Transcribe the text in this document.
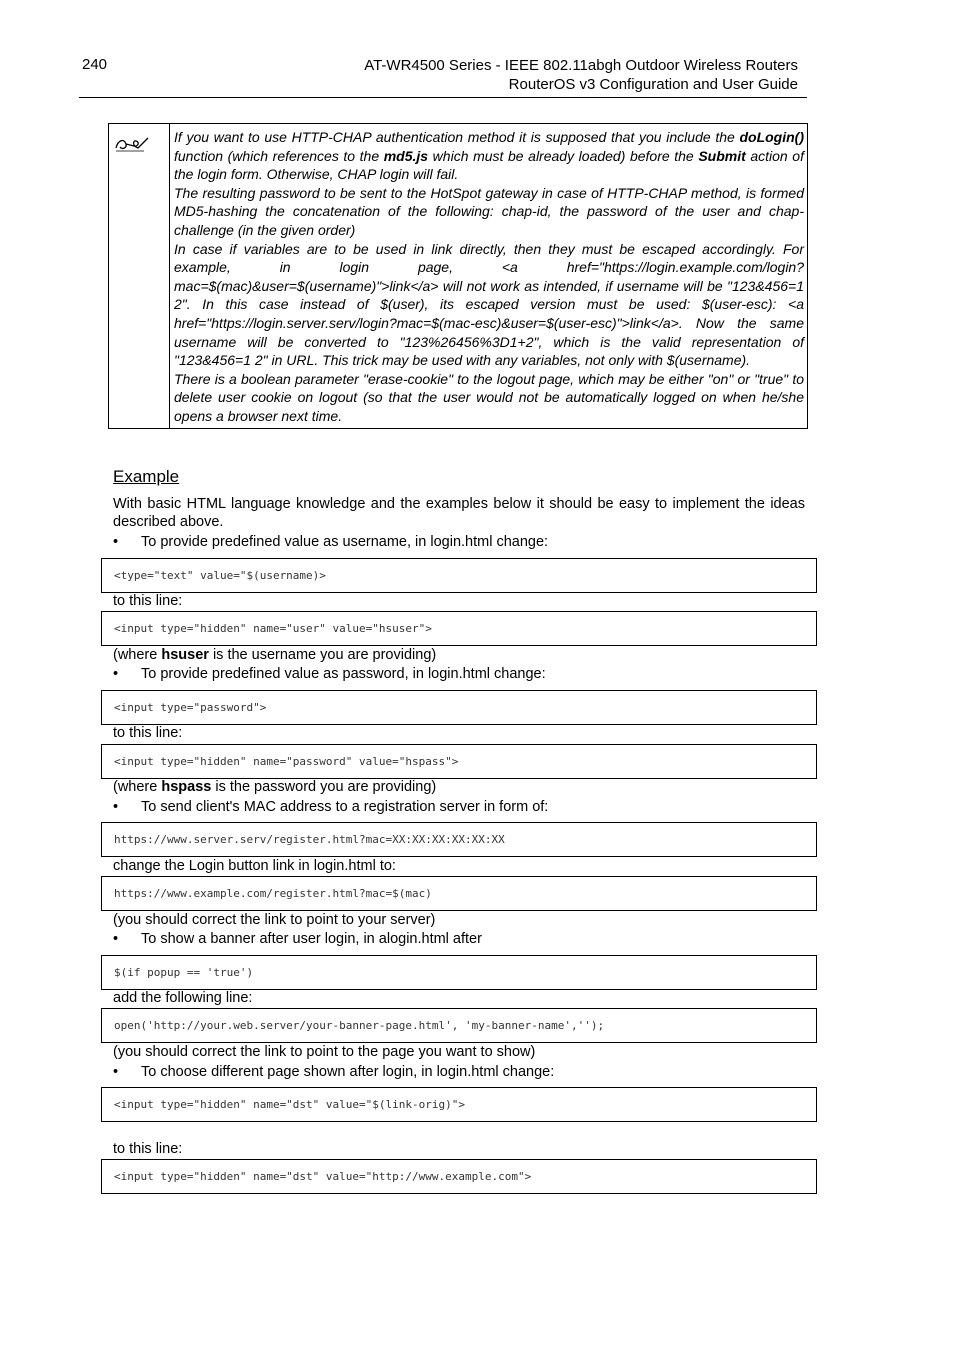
240	AT-WR4500 Series - IEEE 802.11abgh Outdoor Wireless Routers
RouterOS v3 Configuration and User Guide

If you want to use HTTP-CHAP authentication method it is supposed that you include the doLogin() function (which references to the md5.js which must be already loaded) before the Submit action of the login form. Otherwise, CHAP login will fail.

The resulting password to be sent to the HotSpot gateway in case of HTTP-CHAP method, is formed MD5-hashing the concatenation of the following: chap-id, the password of the user and chap-challenge (in the given order)

In case if variables are to be used in link directly, then they must be escaped accordingly. For example, in login page, <a href="https://login.example.com/login?mac=$(mac)&user=$(username)">link</a> will not work as intended, if username will be "123&456=1 2". In this case instead of $(user), its escaped version must be used: $(user-esc): <a href="https://login.server.serv/login?mac=$(mac-esc)&user=$(user-esc)">link</a>. Now the same username will be converted to "123%26456%3D1+2", which is the valid representation of "123&456=1 2" in URL. This trick may be used with any variables, not only with $(username).

There is a boolean parameter "erase-cookie" to the logout page, which may be either "on" or "true" to delete user cookie on logout (so that the user would not be automatically logged on when he/she opens a browser next time.

Example
With basic HTML language knowledge and the examples below it should be easy to implement the ideas described above.
• To provide predefined value as username, in login.html change:
<type="text" value="$(username)>
to this line:
<input type="hidden" name="user" value="hsuser">
(where hsuser is the username you are providing)
• To provide predefined value as password, in login.html change:
<input type="password">
to this line:
<input type="hidden" name="password" value="hspass">
(where hspass is the password you are providing)
• To send client's MAC address to a registration server in form of:
https://www.server.serv/register.html?mac=XX:XX:XX:XX:XX:XX
change the Login button link in login.html to:
https://www.example.com/register.html?mac=$(mac)
(you should correct the link to point to your server)
• To show a banner after user login, in alogin.html after
$(if popup == 'true')
add the following line:
open('http://your.web.server/your-banner-page.html', 'my-banner-name','');
(you should correct the link to point to the page you want to show)
• To choose different page shown after login, in login.html change:
<input type="hidden" name="dst" value="$(link-orig)">
to this line:
<input type="hidden" name="dst" value="http://www.example.com">
